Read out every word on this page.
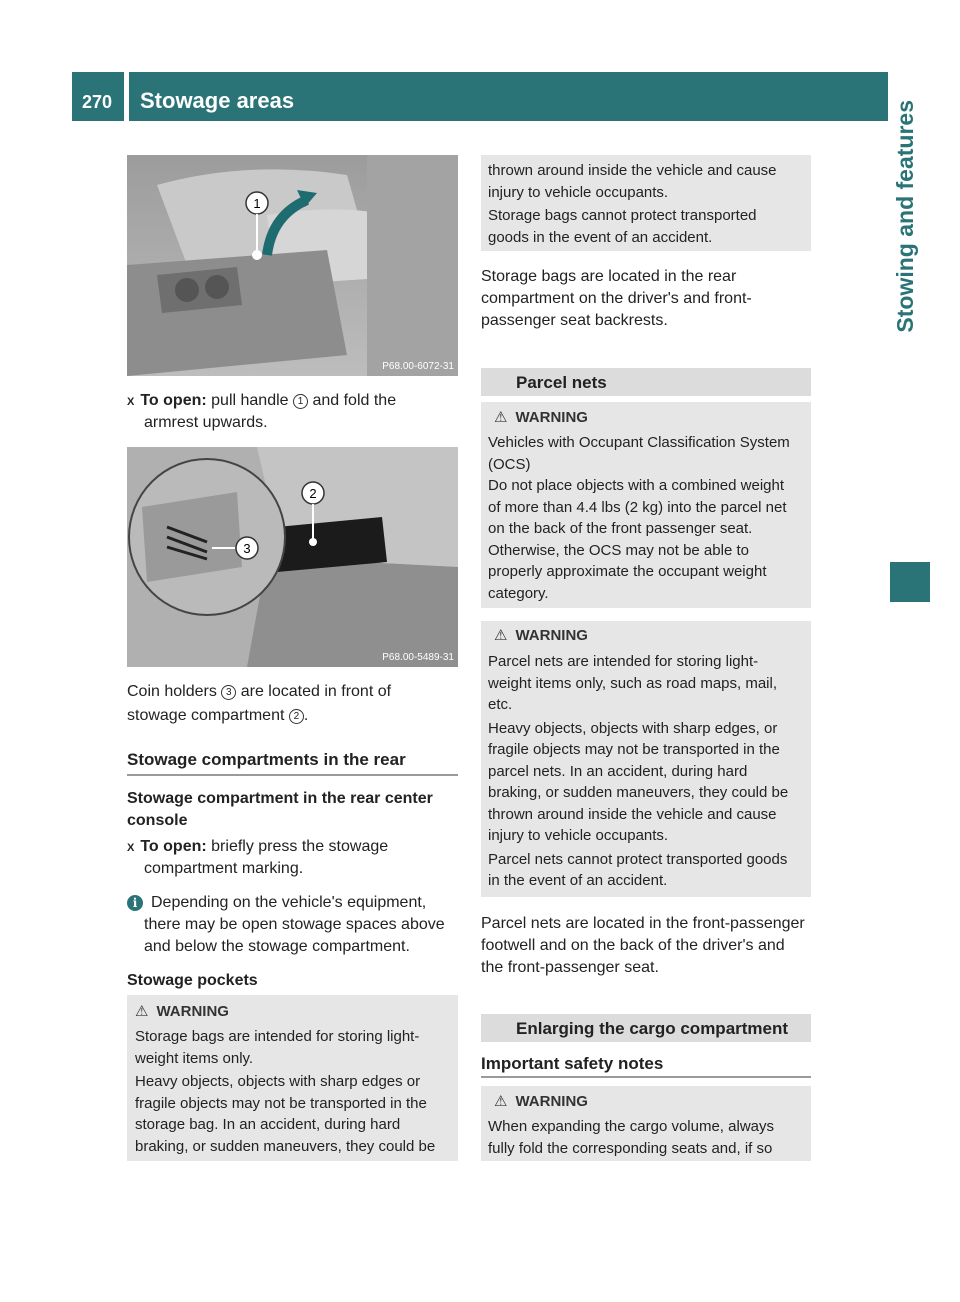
270	Stowage areas	Stowing and features
1
P68.00-6072-31
X To open: pull handle 1 and fold the
armrest upwards.
3
2
P68.00-5489-31
Coin holders 3 are located in front of
stowage compartment 2 .
Stowage compartments in the rear
Stowage compartment in the rear center
console
X To open: briefly press the stowage
compartment marking.
i Depending on the vehicle's equipment,
there may be open stowage spaces above
and below the stowage compartment.
Stowage pockets
⚠ WARNING
Storage bags are intended for storing light-
weight items only.
Heavy objects, objects with sharp edges or
fragile objects may not be transported in the
storage bag. In an accident, during hard
braking, or sudden maneuvers, they could be
thrown around inside the vehicle and cause
injury to vehicle occupants.
Storage bags cannot protect transported
goods in the event of an accident.
Storage bags are located in the rear
compartment on the driver's and front-
passenger seat backrests.
Parcel nets
⚠ WARNING
Vehicles with Occupant Classification System
(OCS)
Do not place objects with a combined weight
of more than 4.4 lbs (2 kg) into the parcel net
on the back of the front passenger seat.
Otherwise, the OCS may not be able to
properly approximate the occupant weight
category.
⚠ WARNING
Parcel nets are intended for storing light-
weight items only, such as road maps, mail,
etc.
Heavy objects, objects with sharp edges, or
fragile objects may not be transported in the
parcel nets. In an accident, during hard
braking, or sudden maneuvers, they could be
thrown around inside the vehicle and cause
injury to vehicle occupants.
Parcel nets cannot protect transported goods
in the event of an accident.
Parcel nets are located in the front-passenger
footwell and on the back of the driver's and
the front-passenger seat.
Enlarging the cargo compartment
Important safety notes
⚠ WARNING
When expanding the cargo volume, always
fully fold the corresponding seats and, if so
